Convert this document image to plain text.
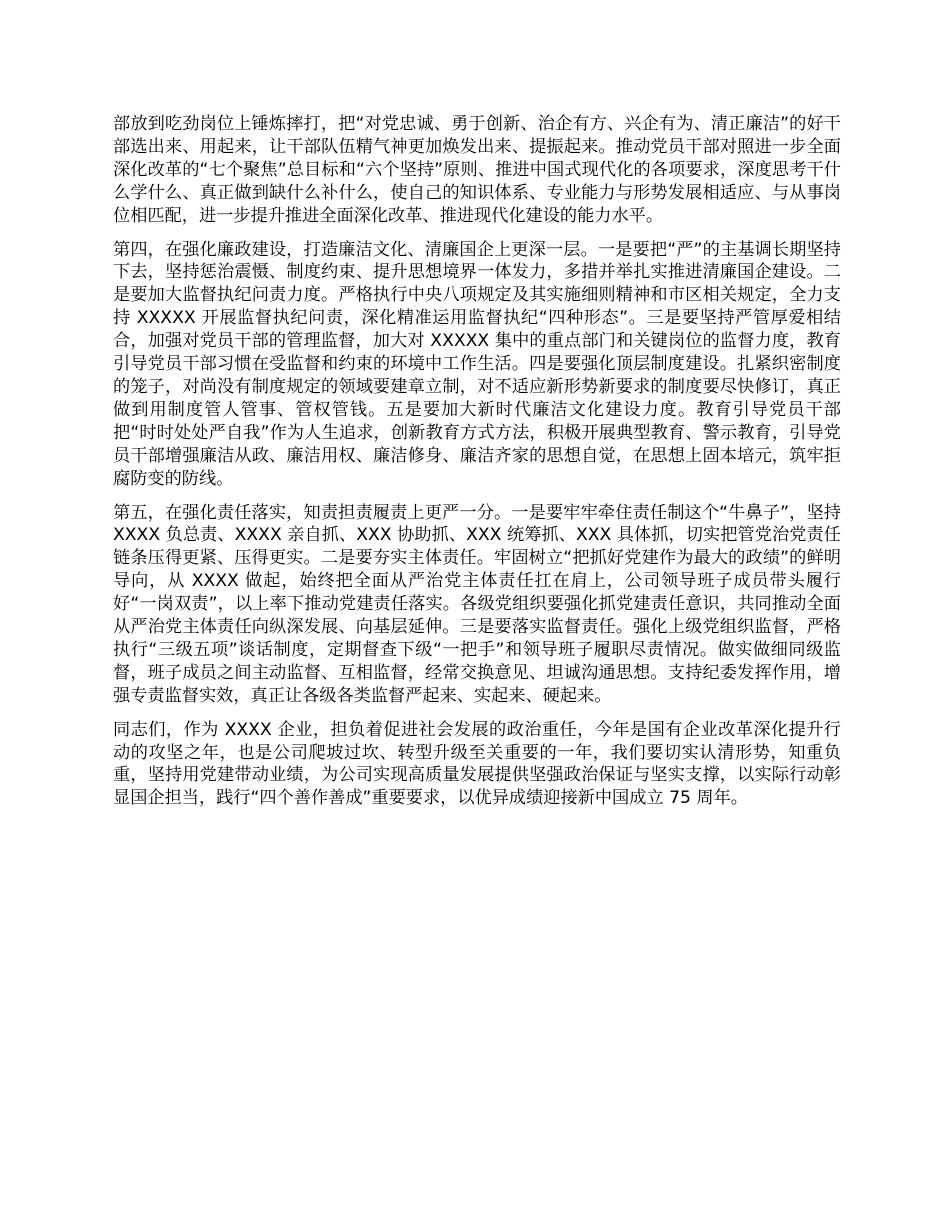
部放到吃劲岗位上锤炼摔打，把“对党忠诚、勇于创新、治企有方、兴企有为、清正廉洁”的好干部选出来、用起来，让干部队伍精气神更加焕发出来、提振起来。推动党员干部对照进一步全面深化改革的“七个聚焦”总目标和“六个坚持”原则、推进中国式现代化的各项要求，深度思考干什么学什么、真正做到缺什么补什么，使自己的知识体系、专业能力与形势发展相适应、与从事岗位相匹配，进一步提升推进全面深化改革、推进现代化建设的能力水平。

第四，在强化廉政建设，打造廉洁文化、清廉国企上更深一层。一是要把“严”的主基调长期坚持下去，坚持惩治震慑、制度约束、提升思想境界一体发力，多措并举扎实推进清廉国企建设。二是要加大监督执纪问责力度。严格执行中央八项规定及其实施细则精神和市区相关规定，全力支持 XXXXX 开展监督执纪问责，深化精准运用监督执纪“四种形态”。三是要坚持严管厚爱相结合，加强对党员干部的管理监督，加大对 XXXXX 集中的重点部门和关键岗位的监督力度，教育引导党员干部习惯在受监督和约束的环境中工作生活。四是要强化顶层制度建设。扎紧织密制度的笼子，对尚没有制度规定的领域要建章立制，对不适应新形势新要求的制度要尽快修订，真正做到用制度管人管事、管权管钱。五是要加大新时代廉洁文化建设力度。教育引导党员干部把“时时处处严自我”作为人生追求，创新教育方式方法，积极开展典型教育、警示教育，引导党员干部增强廉洁从政、廉洁用权、廉洁修身、廉洁齐家的思想自觉，在思想上固本培元，筑牢拒腐防变的防线。

第五，在强化责任落实，知责担责履责上更严一分。一是要牢牢牵住责任制这个“牛鼻子”，坚持 XXXX 负总责、XXXX 亲自抓、XXX 协助抓、XXX 统筹抓、XXX 具体抓，切实把管党治党责任链条压得更紧、压得更实。二是要夯实主体责任。牢固树立“把抓好党建作为最大的政绩”的鲜明导向，从 XXXX 做起，始终把全面从严治党主体责任扛在肩上，公司领导班子成员带头履行好“一岗双责”，以上率下推动党建责任落实。各级党组织要强化抓党建责任意识，共同推动全面从严治党主体责任向纵深发展、向基层延伸。三是要落实监督责任。强化上级党组织监督，严格执行“三级五项”谈话制度，定期督查下级“一把手”和领导班子履职尽责情况。做实做细同级监督，班子成员之间主动监督、互相监督，经常交换意见、坦诚沟通思想。支持纪委发挥作用，增强专责监督实效，真正让各级各类监督严起来、实起来、硬起来。

同志们，作为 XXXX 企业，担负着促进社会发展的政治重任，今年是国有企业改革深化提升行动的攻坚之年，也是公司爬坡过坎、转型升级至关重要的一年，我们要切实认清形势，知重负重，坚持用党建带动业绩，为公司实现高质量发展提供坚强政治保证与坚实支撑，以实际行动彰显国企担当，践行“四个善作善成”重要要求，以优异成绩迎接新中国成立 75 周年。
